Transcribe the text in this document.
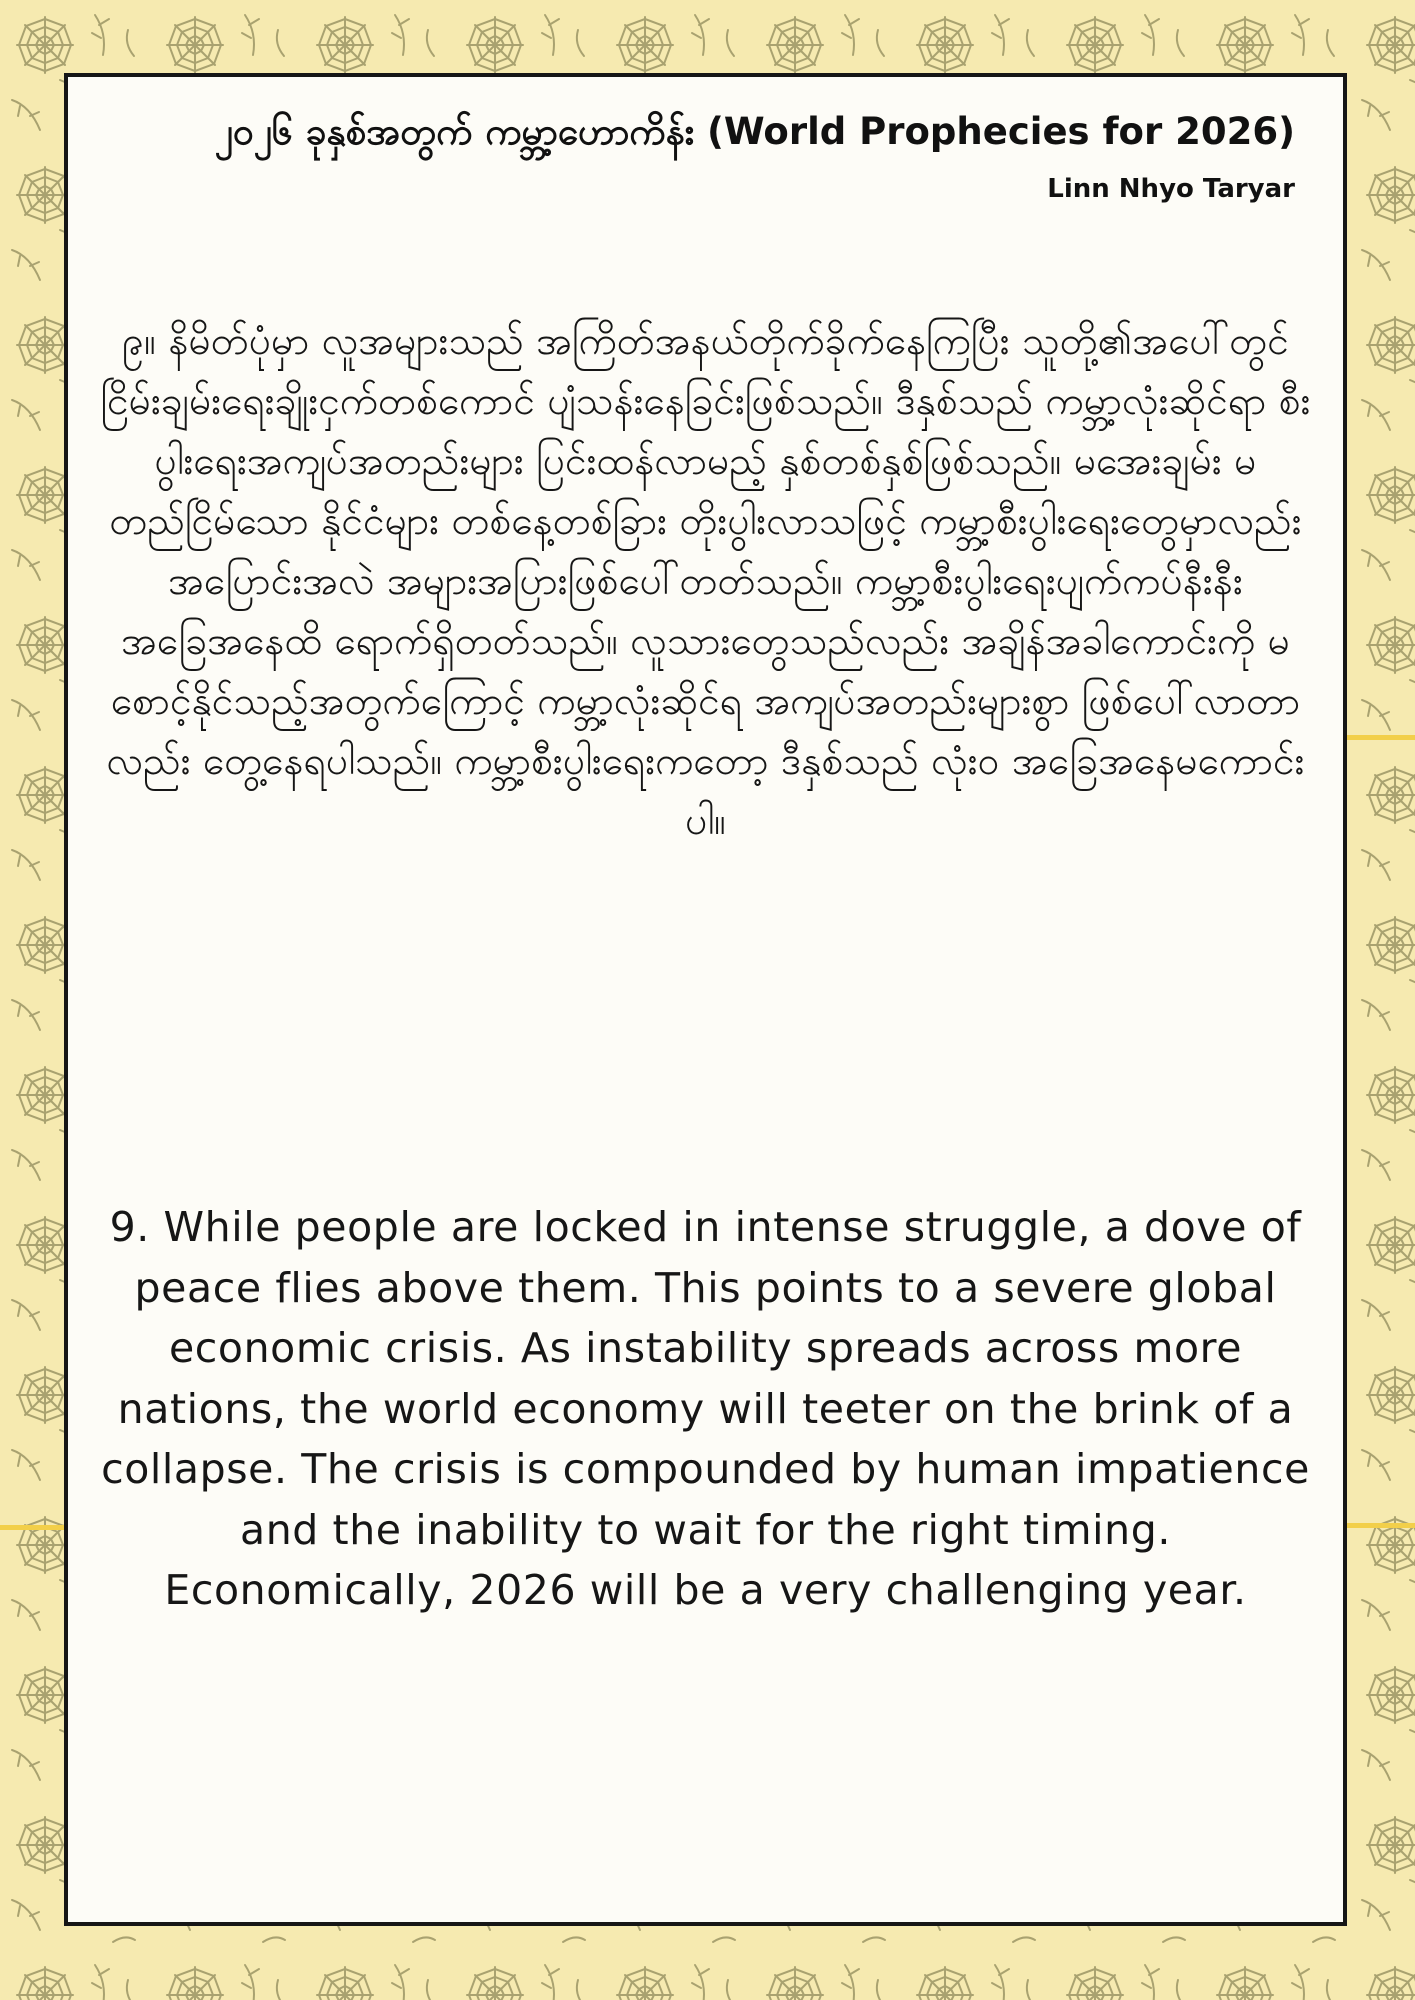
၂၀၂၆ ခုနှစ်အတွက် ကမ္ဘာ့ဟောကိန်း (World Prophecies for 2026)

Linn Nhyo Taryar

၉။ နိမိတ်ပုံမှာ လူအများသည် အကြိတ်အနယ်တိုက်ခိုက်နေကြပြီး သူတို့၏အပေါ်တွင် ငြိမ်းချမ်းရေးချိုးငှက်တစ်ကောင် ပျံသန်းနေခြင်းဖြစ်သည်။ ဒီနှစ်သည် ကမ္ဘာ့လုံးဆိုင်ရာ စီးပွါးရေးအကျပ်အတည်းများ ပြင်းထန်လာမည့် နှစ်တစ်နှစ်ဖြစ်သည်။ မအေးချမ်း မတည်ငြိမ်သော နိုင်ငံများ တစ်နေ့တစ်ခြား တိုးပွါးလာသဖြင့် ကမ္ဘာ့စီးပွါးရေးတွေမှာလည်း အပြောင်းအလဲ အများအပြားဖြစ်ပေါ်တတ်သည်။ ကမ္ဘာ့စီးပွါးရေးပျက်ကပ်နီးနီး အခြေအနေထိ ရောက်ရှိတတ်သည်။ လူသားတွေသည်လည်း အချိန်အခါကောင်းကို မစောင့်နိုင်သည့်အတွက်ကြောင့် ကမ္ဘာ့လုံးဆိုင်ရ အကျပ်အတည်းများစွာ ဖြစ်ပေါ်လာတာလည်း တွေ့နေရပါသည်။ ကမ္ဘာ့စီးပွါးရေးကတော့ ဒီနှစ်သည် လုံး၀ အခြေအနေမကောင်းပါ။

9. While people are locked in intense struggle, a dove of peace flies above them. This points to a severe global economic crisis. As instability spreads across more nations, the world economy will teeter on the brink of a collapse. The crisis is compounded by human impatience and the inability to wait for the right timing. Economically, 2026 will be a very challenging year.
